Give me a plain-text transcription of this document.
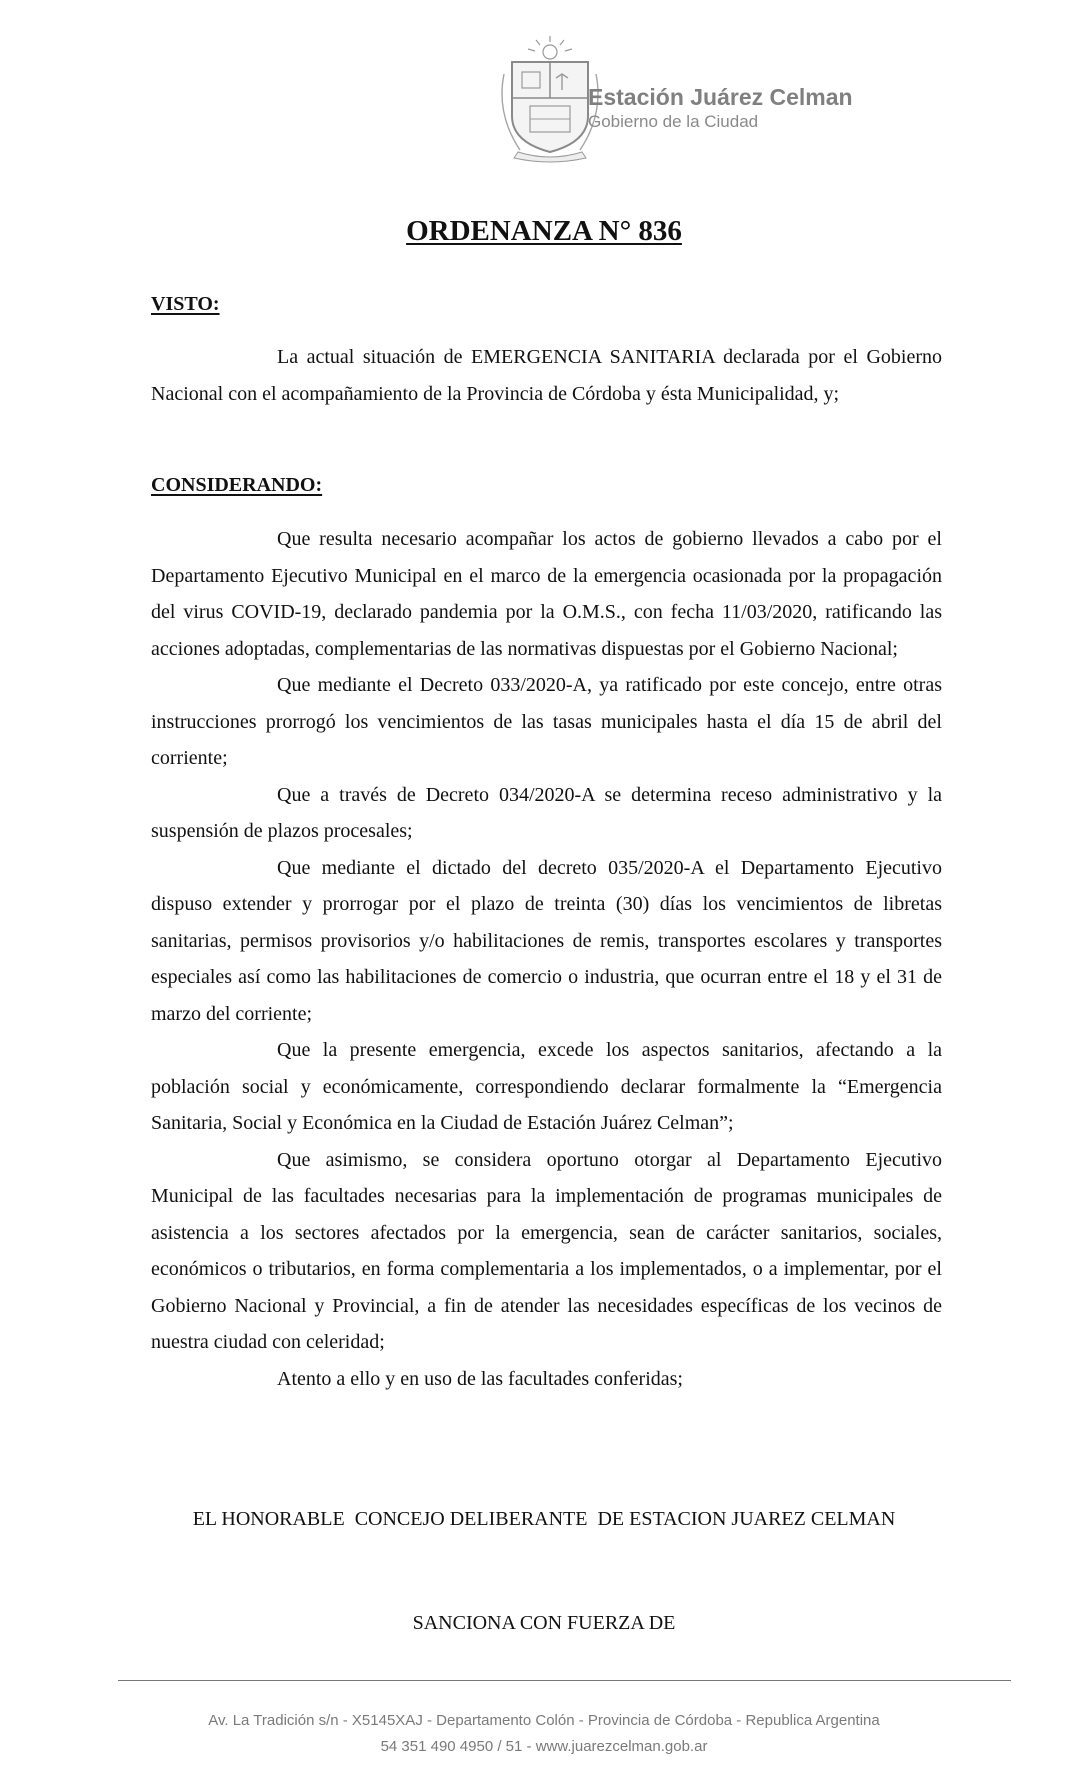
Estación Juárez Celman
Gobierno de la Ciudad
ORDENANZA N° 836
VISTO:

La actual situación de EMERGENCIA SANITARIA declarada por el Gobierno Nacional con el acompañamiento de la Provincia de Córdoba y ésta Municipalidad, y;

CONSIDERANDO:

Que resulta necesario acompañar los actos de gobierno llevados a cabo por el Departamento Ejecutivo Municipal en el marco de la emergencia ocasionada por la propagación del virus COVID-19, declarado pandemia por la O.M.S., con fecha 11/03/2020, ratificando las acciones adoptadas, complementarias de las normativas dispuestas por el Gobierno Nacional;

Que mediante el Decreto 033/2020-A, ya ratificado por este concejo, entre otras instrucciones prorrogó los vencimientos de las tasas municipales hasta el día 15 de abril del corriente;

Que a través de Decreto 034/2020-A se determina receso administrativo y la suspensión de plazos procesales;

Que mediante el dictado del decreto 035/2020-A el Departamento Ejecutivo dispuso extender y prorrogar por el plazo de treinta (30) días los vencimientos de libretas sanitarias, permisos provisorios y/o habilitaciones de remis, transportes escolares y transportes especiales así como las habilitaciones de comercio o industria, que ocurran entre el 18 y el 31 de marzo del corriente;

Que la presente emergencia, excede los aspectos sanitarios, afectando a la población social y económicamente, correspondiendo declarar formalmente la “Emergencia Sanitaria, Social y Económica en la Ciudad de Estación Juárez Celman”;

Que asimismo, se considera oportuno otorgar al Departamento Ejecutivo Municipal de las facultades necesarias para la implementación de programas municipales de asistencia a los sectores afectados por la emergencia, sean de carácter sanitarios, sociales, económicos o tributarios, en forma complementaria a los implementados, o a implementar, por el Gobierno Nacional y Provincial, a fin de atender las necesidades específicas de los vecinos de nuestra ciudad con celeridad;

Atento a ello y en uso de las facultades conferidas;

EL HONORABLE  CONCEJO DELIBERANTE  DE ESTACION JUAREZ CELMAN
SANCIONA CON FUERZA DE
Av. La Tradición s/n - X5145XAJ - Departamento Colón - Provincia de Córdoba - Republica Argentina
54 351 490 4950 / 51 - www.juarezcelman.gob.ar
